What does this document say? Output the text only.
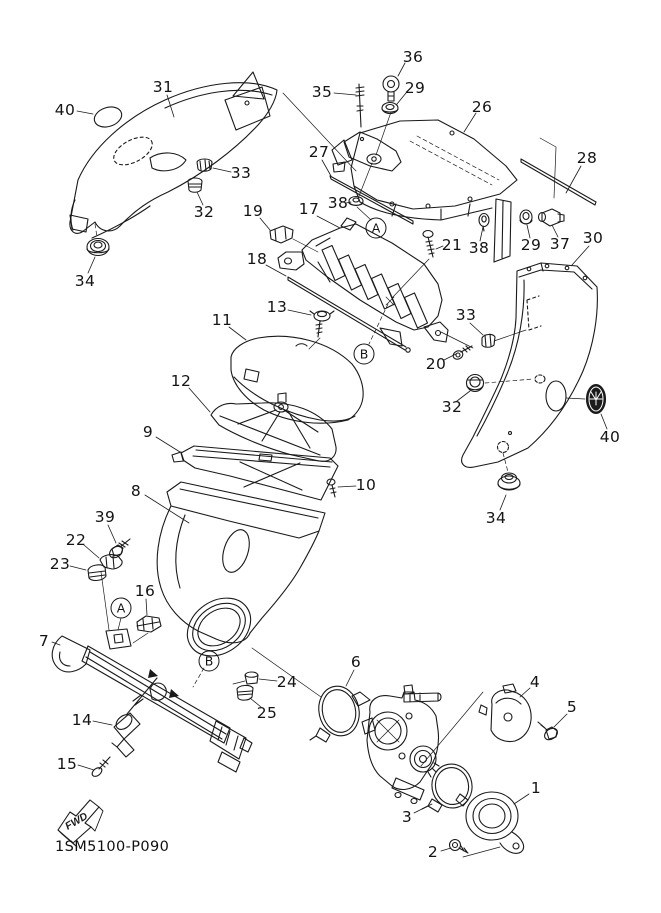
FWD
1
2
3
4
5
6
7
8
9
10
11
12
13
14
15
16
17
18
19
20
21
22
23
24
25
26
27	28
29
29	30
31
32
32
33
33
34
34
35
36
37
38
38
39
40
40
A
B
A
B
1SM5100-P090
